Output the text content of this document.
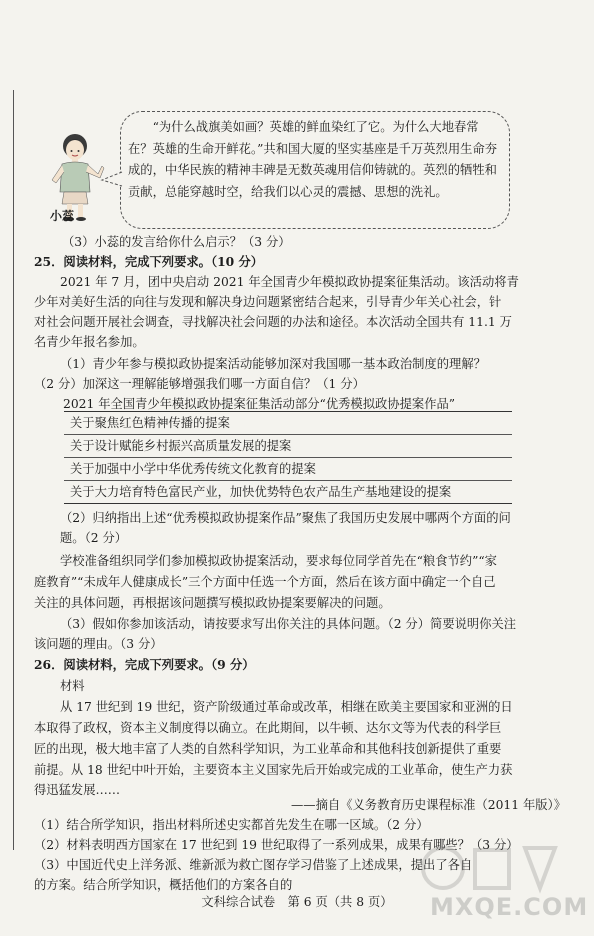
小蕊
“为什么战旗美如画？英雄的鲜血染红了它。为什么大地春常在？英雄的生命开鲜花。”共和国大厦的坚实基座是千万英烈用生命夯成的，中华民族的精神丰碑是无数英魂用信仰铸就的。英烈的牺牲和贡献，总能穿越时空，给我们以心灵的震撼、思想的洗礼。
（3）小蕊的发言给你什么启示？（3 分）
25．阅读材料，完成下列要求。（10 分）
2021 年 7 月，团中央启动 2021 年全国青少年模拟政协提案征集活动。该活动将青
少年对美好生活的向往与发现和解决身边问题紧密结合起来，引导青少年关心社会，针
对社会问题开展社会调查，寻找解决社会问题的办法和途径。本次活动全国共有 11.1 万
名青少年报名参加。
（1）青少年参与模拟政协提案活动能够加深对我国哪一基本政治制度的理解？
（2 分）加深这一理解能够增强我们哪一方面自信？（1 分）
2021 年全国青少年模拟政协提案征集活动部分“优秀模拟政协提案作品”
关于聚焦红色精神传播的提案
关于设计赋能乡村振兴高质量发展的提案
关于加强中小学中华优秀传统文化教育的提案
关于大力培育特色富民产业，加快优势特色农产品生产基地建设的提案
（2）归纳指出上述“优秀模拟政协提案作品”聚焦了我国历史发展中哪两个方面的问
题。（2 分）
学校准备组织同学们参加模拟政协提案活动，要求每位同学首先在“粮食节约”“家
庭教育”“未成年人健康成长”三个方面中任选一个方面，然后在该方面中确定一个自己
关注的具体问题，再根据该问题撰写模拟政协提案要解决的问题。
（3）假如你参加该活动，请按要求写出你关注的具体问题。（2 分）简要说明你关注
该问题的理由。（3 分）
26．阅读材料，完成下列要求。（9 分）
材料
从 17 世纪到 19 世纪，资产阶级通过革命或改革，相继在欧美主要国家和亚洲的日
本取得了政权，资本主义制度得以确立。在此期间，以牛顿、达尔文等为代表的科学巨
匠的出现，极大地丰富了人类的自然科学知识，为工业革命和其他科技创新提供了重要
前提。从 18 世纪中叶开始，主要资本主义国家先后开始或完成的工业革命，使生产力获
得迅猛发展……
——摘自《义务教育历史课程标准（2011 年版）》
（1）结合所学知识，指出材料所述史实都首先发生在哪一区域。（2 分）
（2）材料表明西方国家在 17 世纪到 19 世纪取得了一系列成果，成果有哪些？（3 分）
（3）中国近代史上洋务派、维新派为救亡图存学习借鉴了上述成果，提出了各自
的方案。结合所学知识，概括他们的方案各自的
MXQE.COM
文科综合试卷　第 6 页（共 8 页）
